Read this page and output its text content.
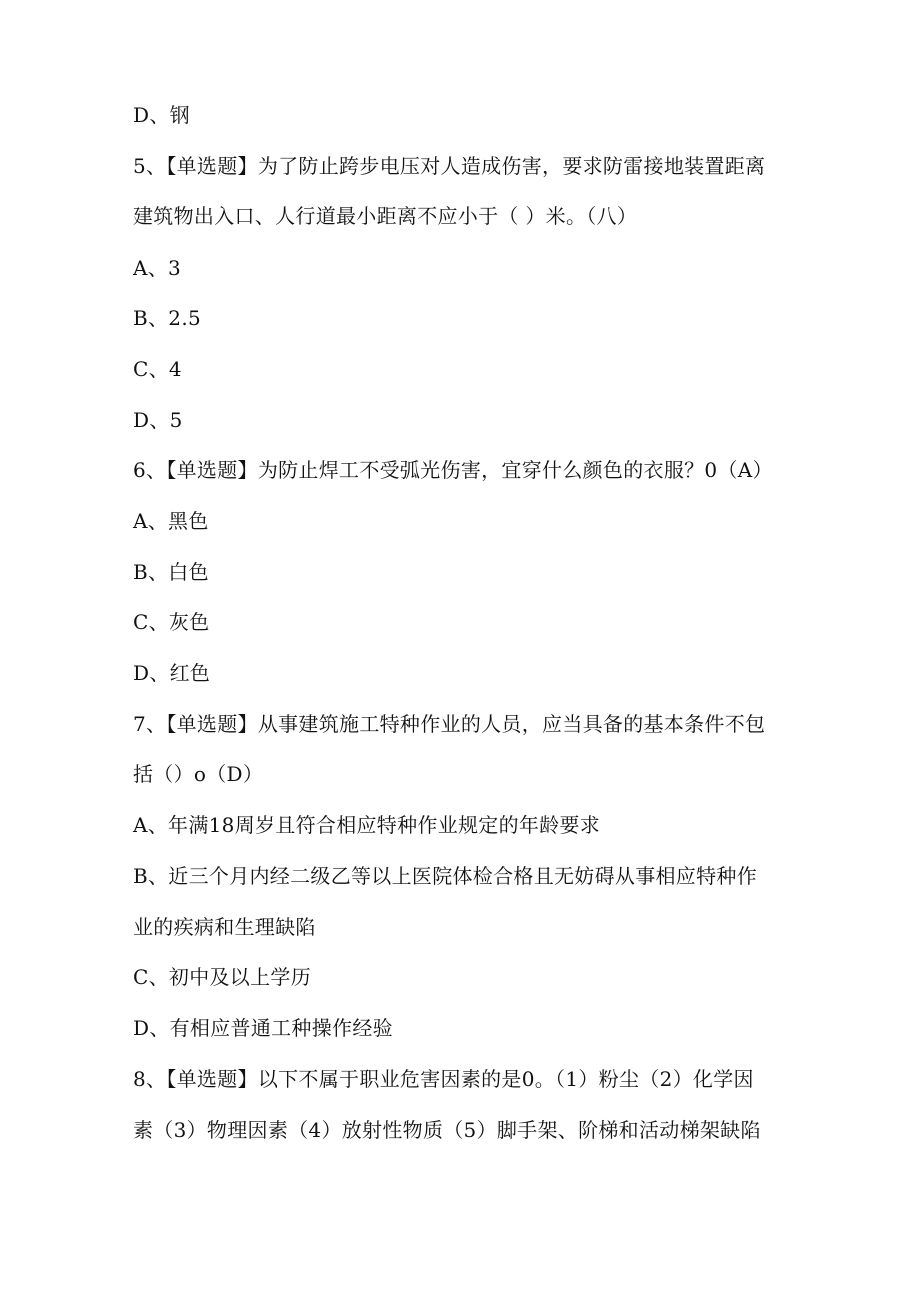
D、钢
5、【单选题】为了防止跨步电压对人造成伤害，要求防雷接地装置距离
建筑物出入口、人行道最小距离不应小于（ ）米。（八）
A、3
B、2.5
C、4
D、5
6、【单选题】为防止焊工不受弧光伤害，宜穿什么颜色的衣服？0（A）
A、黑色
B、白色
C、灰色
D、红色
7、【单选题】从事建筑施工特种作业的人员，应当具备的基本条件不包
括（）o（D）
A、年满18周岁且符合相应特种作业规定的年龄要求
B、近三个月内经二级乙等以上医院体检合格且无妨碍从事相应特种作
业的疾病和生理缺陷
C、初中及以上学历
D、有相应普通工种操作经验
8、【单选题】以下不属于职业危害因素的是0。（1）粉尘（2）化学因
素（3）物理因素（4）放射性物质（5）脚手架、阶梯和活动梯架缺陷
